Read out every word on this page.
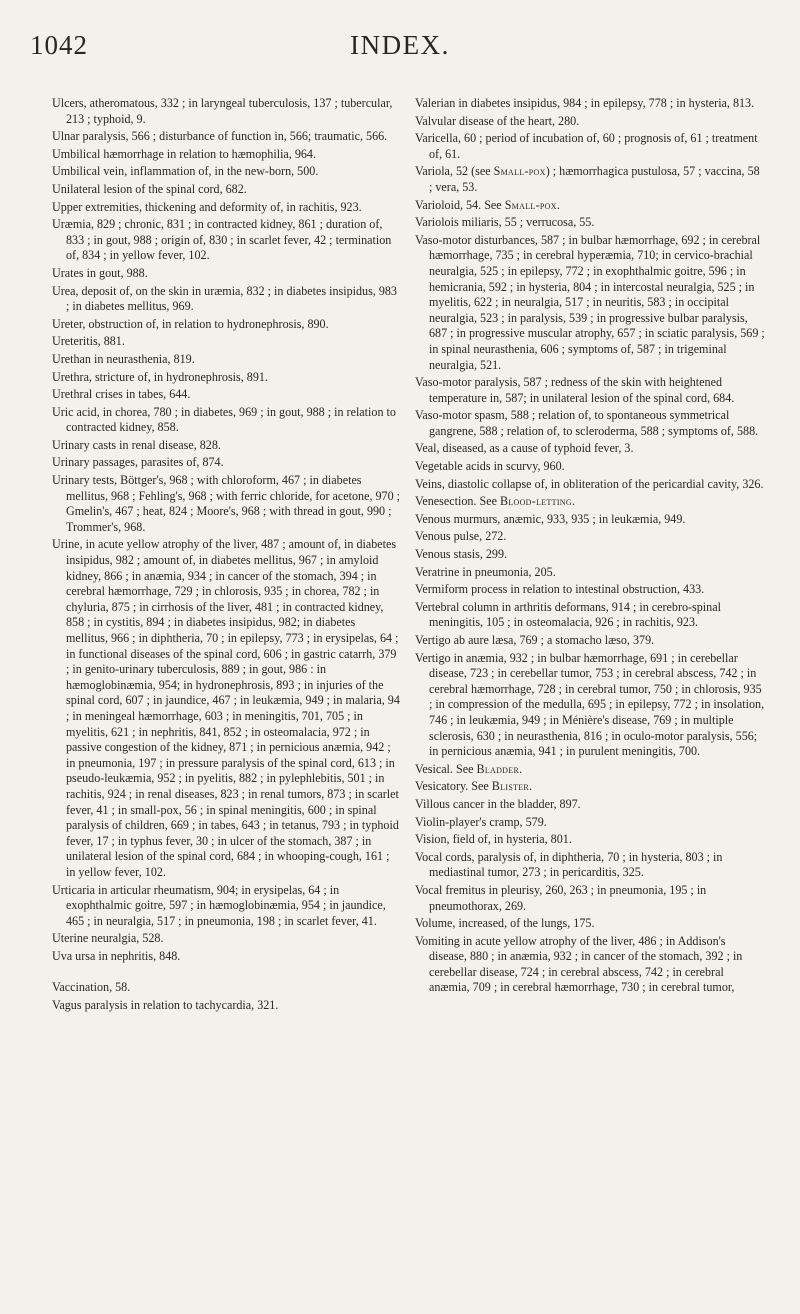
INDEX.
1042

Ulcers, atheromatous, 332 ; in laryngeal tuberculosis, 137 ; tubercular, 213 ; typhoid, 9.

Ulnar paralysis, 566 ; disturbance of function in, 566; traumatic, 566.

Umbilical hæmorrhage in relation to hæmophilia, 964.

Umbilical vein, inflammation of, in the new-born, 500.

Unilateral lesion of the spinal cord, 682.

Upper extremities, thickening and deformity of, in rachitis, 923.

Uræmia, 829 ; chronic, 831 ; in contracted kidney, 861 ; duration of, 833 ; in gout, 988 ; origin of, 830 ; in scarlet fever, 42 ; termination of, 834 ; in yellow fever, 102.

Urates in gout, 988.

Urea, deposit of, on the skin in uræmia, 832 ; in diabetes insipidus, 983 ; in diabetes mellitus, 969.

Ureter, obstruction of, in relation to hydronephrosis, 890.

Ureteritis, 881.

Urethan in neurasthenia, 819.

Urethra, stricture of, in hydronephrosis, 891.

Urethral crises in tabes, 644.

Uric acid, in chorea, 780 ; in diabetes, 969 ; in gout, 988 ; in relation to contracted kidney, 858.

Urinary casts in renal disease, 828.

Urinary passages, parasites of, 874.

Urinary tests, Böttger's, 968 ; with chloroform, 467 ; in diabetes mellitus, 968 ; Fehling's, 968 ; with ferric chloride, for acetone, 970 ; Gmelin's, 467 ; heat, 824 ; Moore's, 968 ; with thread in gout, 990 ; Trommer's, 968.

Urine, in acute yellow atrophy of the liver, 487 ; amount of, in diabetes insipidus, 982 ; amount of, in diabetes mellitus, 967 ; in amyloid kidney, 866 ; in anæmia, 934 ; in cancer of the stomach, 394 ; in cerebral hæmorrhage, 729 ; in chlorosis, 935 ; in chorea, 782 ; in chyluria, 875 ; in cirrhosis of the liver, 481 ; in contracted kidney, 858 ; in cystitis, 894 ; in diabetes insipidus, 982; in diabetes mellitus, 966 ; in diphtheria, 70 ; in epilepsy, 773 ; in erysipelas, 64 ; in functional diseases of the spinal cord, 606 ; in gastric catarrh, 379 ; in genito-urinary tuberculosis, 889 ; in gout, 986 : in hæmoglobinæmia, 954; in hydronephrosis, 893 ; in injuries of the spinal cord, 607 ; in jaundice, 467 ; in leukæmia, 949 ; in malaria, 94 ; in meningeal hæmorrhage, 603 ; in meningitis, 701, 705 ; in myelitis, 621 ; in nephritis, 841, 852 ; in osteomalacia, 972 ; in passive congestion of the kidney, 871 ; in pernicious anæmia, 942 ; in pneumonia, 197 ; in pressure paralysis of the spinal cord, 613 ; in pseudo-leukæmia, 952 ; in pyelitis, 882 ; in pylephlebitis, 501 ; in rachitis, 924 ; in renal diseases, 823 ; in renal tumors, 873 ; in scarlet fever, 41 ; in small-pox, 56 ; in spinal meningitis, 600 ; in spinal paralysis of children, 669 ; in tabes, 643 ; in tetanus, 793 ; in typhoid fever, 17 ; in typhus fever, 30 ; in ulcer of the stomach, 387 ; in unilateral lesion of the spinal cord, 684 ; in whooping-cough, 161 ; in yellow fever, 102.

Urticaria in articular rheumatism, 904; in erysipelas, 64 ; in exophthalmic goitre, 597 ; in hæmoglobinæmia, 954 ; in jaundice, 465 ; in neuralgia, 517 ; in pneumonia, 198 ; in scarlet fever, 41.

Uterine neuralgia, 528.

Uva ursa in nephritis, 848.

Vaccination, 58.

Vagus paralysis in relation to tachycardia, 321.

Valerian in diabetes insipidus, 984 ; in epilepsy, 778 ; in hysteria, 813.

Valvular disease of the heart, 280.

Varicella, 60 ; period of incubation of, 60 ; prognosis of, 61 ; treatment of, 61.

Variola, 52 (see Small-pox) ; hæmorrhagica pustulosa, 57 ; vaccina, 58 ; vera, 53.

Varioloid, 54. See Small-pox.

Variolois miliaris, 55 ; verrucosa, 55.

Vaso-motor disturbances, 587 ; in bulbar hæmorrhage, 692 ; in cerebral hæmorrhage, 735 ; in cerebral hyperæmia, 710; in cervico-brachial neuralgia, 525 ; in epilepsy, 772 ; in exophthalmic goitre, 596 ; in hemicrania, 592 ; in hysteria, 804 ; in intercostal neuralgia, 525 ; in myelitis, 622 ; in neuralgia, 517 ; in neuritis, 583 ; in occipital neuralgia, 523 ; in paralysis, 539 ; in progressive bulbar paralysis, 687 ; in progressive muscular atrophy, 657 ; in sciatic paralysis, 569 ; in spinal neurasthenia, 606 ; symptoms of, 587 ; in trigeminal neuralgia, 521.

Vaso-motor paralysis, 587 ; redness of the skin with heightened temperature in, 587; in unilateral lesion of the spinal cord, 684.

Vaso-motor spasm, 588 ; relation of, to spontaneous symmetrical gangrene, 588 ; relation of, to scleroderma, 588 ; symptoms of, 588.

Veal, diseased, as a cause of typhoid fever, 3.

Vegetable acids in scurvy, 960.

Veins, diastolic collapse of, in obliteration of the pericardial cavity, 326.

Venesection. See Blood-letting.

Venous murmurs, anæmic, 933, 935 ; in leukæmia, 949.

Venous pulse, 272.

Venous stasis, 299.

Veratrine in pneumonia, 205.

Vermiform process in relation to intestinal obstruction, 433.

Vertebral column in arthritis deformans, 914 ; in cerebro-spinal meningitis, 105 ; in osteomalacia, 926 ; in rachitis, 923.

Vertigo ab aure læsa, 769 ; a stomacho læso, 379.

Vertigo in anæmia, 932 ; in bulbar hæmorrhage, 691 ; in cerebellar disease, 723 ; in cerebellar tumor, 753 ; in cerebral abscess, 742 ; in cerebral hæmorrhage, 728 ; in cerebral tumor, 750 ; in chlorosis, 935 ; in compression of the medulla, 695 ; in epilepsy, 772 ; in insolation, 746 ; in leukæmia, 949 ; in Ménière's disease, 769 ; in multiple sclerosis, 630 ; in neurasthenia, 816 ; in oculo-motor paralysis, 556; in pernicious anæmia, 941 ; in purulent meningitis, 700.

Vesical. See Bladder.

Vesicatory. See Blister.

Villous cancer in the bladder, 897.

Violin-player's cramp, 579.

Vision, field of, in hysteria, 801.

Vocal cords, paralysis of, in diphtheria, 70 ; in hysteria, 803 ; in mediastinal tumor, 273 ; in pericarditis, 325.

Vocal fremitus in pleurisy, 260, 263 ; in pneumonia, 195 ; in pneumothorax, 269.

Volume, increased, of the lungs, 175.

Vomiting in acute yellow atrophy of the liver, 486 ; in Addison's disease, 880 ; in anæmia, 932 ; in cancer of the stomach, 392 ; in cerebellar disease, 724 ; in cerebral abscess, 742 ; in cerebral anæmia, 709 ; in cerebral hæmorrhage, 730 ; in cerebral tumor,
